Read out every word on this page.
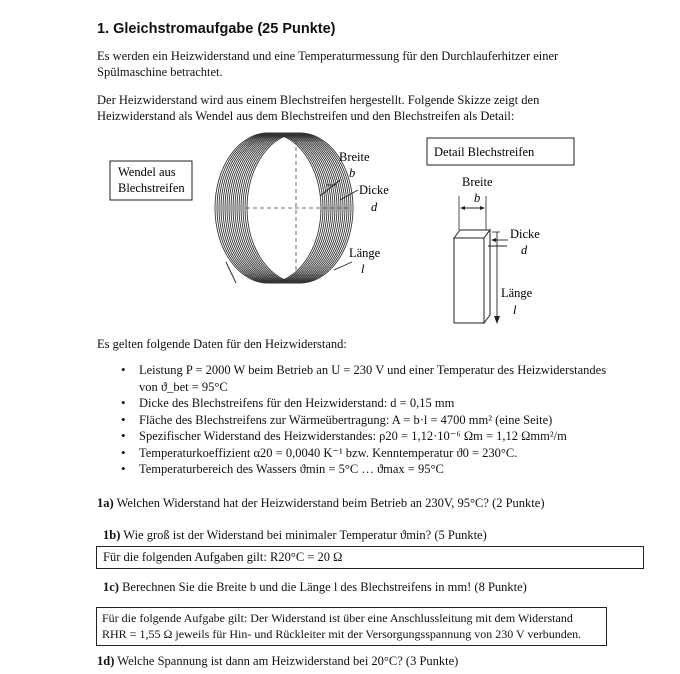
1. Gleichstromaufgabe (25 Punkte)
Es werden ein Heizwiderstand und eine Temperaturmessung für den Durchlauferhitzer einer
Spülmaschine betrachtet.
Der Heizwiderstand wird aus einem Blechstreifen hergestellt. Folgende Skizze zeigt den
Heizwiderstand als Wendel aus dem Blechstreifen und den Blechstreifen als Detail:
Wendel aus
Blechstreifen
Breite
b
Dicke
d
Länge
l
Detail Blechstreifen
Breite
b
Dicke
d
Länge
l
Es gelten folgende Daten für den Heizwiderstand:
• Leistung P = 2000 W beim Betrieb an U = 230 V und einer Temperatur des Heizwiderstandes
von ϑ_bet = 95°C
• Dicke des Blechstreifens für den Heizwiderstand: d = 0,15 mm
• Fläche des Blechstreifens zur Wärmeübertragung: A = b·l = 4700 mm² (eine Seite)
• Spezifischer Widerstand des Heizwiderstandes: ρ20 = 1,12·10⁻⁶ Ωm = 1,12 Ωmm²/m
• Temperaturkoeffizient α20 = 0,0040 K⁻¹ bzw. Kenntemperatur ϑ0 = 230°C.
• Temperaturbereich des Wassers ϑmin = 5°C … ϑmax = 95°C
1a) Welchen Widerstand hat der Heizwiderstand beim Betrieb an 230V, 95°C? (2 Punkte)
1b) Wie groß ist der Widerstand bei minimaler Temperatur ϑmin? (5 Punkte)
Für die folgenden Aufgaben gilt: R20°C = 20 Ω
1c) Berechnen Sie die Breite b und die Länge l des Blechstreifens in mm! (8 Punkte)
Für die folgende Aufgabe gilt: Der Widerstand ist über eine Anschlussleitung mit dem Widerstand
RHR = 1,55 Ω jeweils für Hin- und Rückleiter mit der Versorgungsspannung von 230 V verbunden.
1d) Welche Spannung ist dann am Heizwiderstand bei 20°C? (3 Punkte)
